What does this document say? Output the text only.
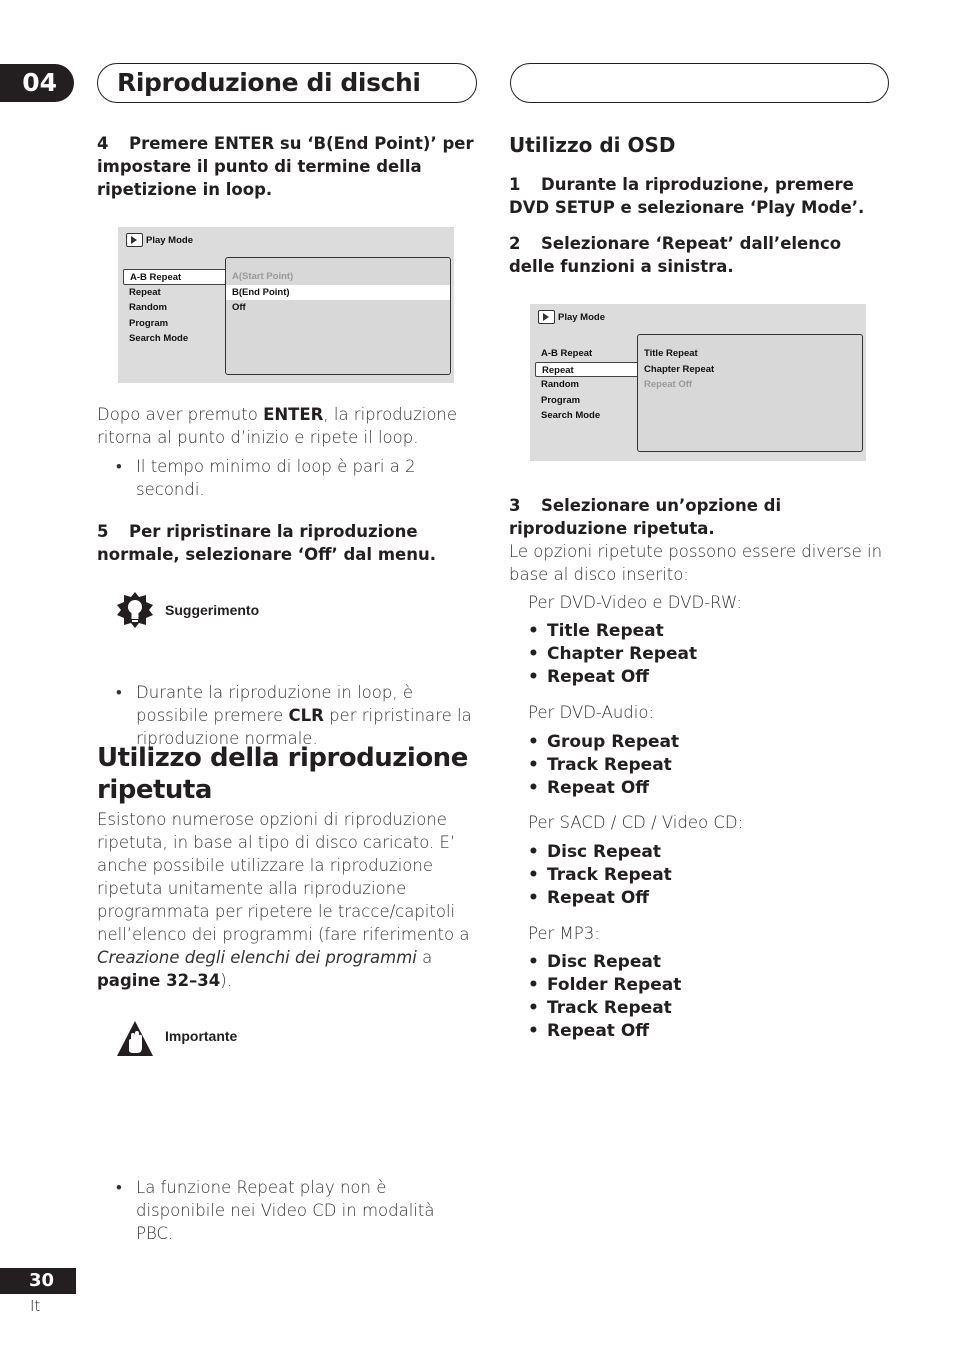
04	Riproduzione di dischi
4 Premere ENTER su ‘B(End Point)’ per impostare il punto di termine della ripetizione in loop.
Play Mode
A-B Repeat
Repeat
Random
Program
Search Mode
A(Start Point)
B(End Point)
Off
Dopo aver premuto ENTER, la riproduzione ritorna al punto d’inizio e ripete il loop.
• Il tempo minimo di loop è pari a 2 secondi.
5 Per ripristinare la riproduzione normale, selezionare ‘Off’ dal menu.
Suggerimento
• Durante la riproduzione in loop, è possibile premere CLR per ripristinare la riproduzione normale.
Utilizzo della riproduzione ripetuta
Esistono numerose opzioni di riproduzione ripetuta, in base al tipo di disco caricato. E’ anche possibile utilizzare la riproduzione ripetuta unitamente alla riproduzione programmata per ripetere le tracce/capitoli nell’elenco dei programmi (fare riferimento a Creazione degli elenchi dei programmi a pagine 32–34).
Importante
• La funzione Repeat play non è disponibile nei Video CD in modalità PBC.
Utilizzo di OSD
1 Durante la riproduzione, premere DVD SETUP e selezionare ‘Play Mode’.
2 Selezionare ‘Repeat’ dall’elenco delle funzioni a sinistra.
Play Mode
A-B Repeat
Repeat
Random
Program
Search Mode
Title Repeat
Chapter Repeat
Repeat Off
3 Selezionare un’opzione di riproduzione ripetuta.
Le opzioni ripetute possono essere diverse in base al disco inserito:
Per DVD-Video e DVD-RW:
• Title Repeat
• Chapter Repeat
• Repeat Off
Per DVD-Audio:
• Group Repeat
• Track Repeat
• Repeat Off
Per SACD / CD / Video CD:
• Disc Repeat
• Track Repeat
• Repeat Off
Per MP3:
• Disc Repeat
• Folder Repeat
• Track Repeat
• Repeat Off
30
It
